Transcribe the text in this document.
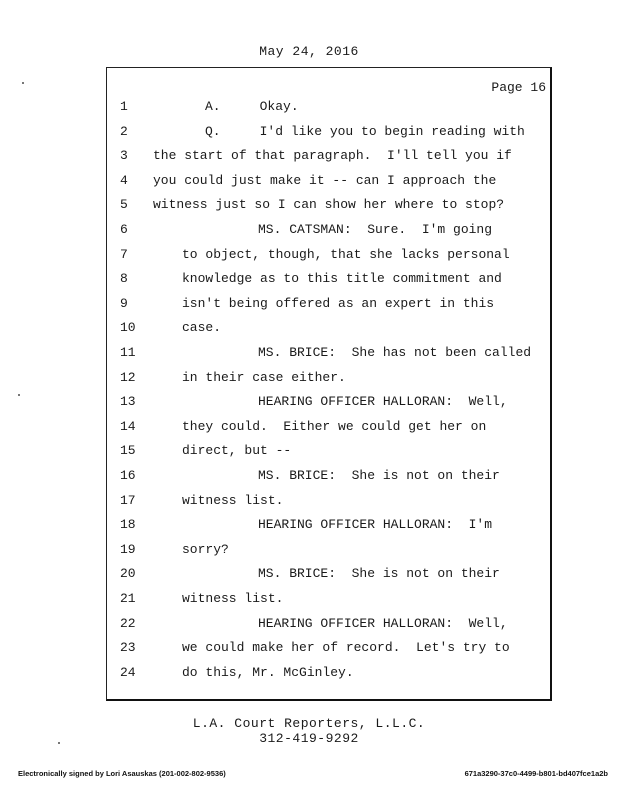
May 24, 2016
Page 16
1	A.     Okay.
2	Q.     I'd like you to begin reading with
3	the start of that paragraph.  I'll tell you if
4	you could just make it -- can I approach the
5	witness just so I can show her where to stop?
6	MS. CATSMAN:  Sure.  I'm going
7	to object, though, that she lacks personal
8	knowledge as to this title commitment and
9	isn't being offered as an expert in this
10	case.
11	MS. BRICE:  She has not been called
12	in their case either.
13	HEARING OFFICER HALLORAN:  Well,
14	they could.  Either we could get her on
15	direct, but --
16	MS. BRICE:  She is not on their
17	witness list.
18	HEARING OFFICER HALLORAN:  I'm
19	sorry?
20	MS. BRICE:  She is not on their
21	witness list.
22	HEARING OFFICER HALLORAN:  Well,
23	we could make her of record.  Let's try to
24	do this, Mr. McGinley.
L.A. Court Reporters, L.L.C.
312-419-9292
Electronically signed by Lori Asauskas (201-002-802-9536)	671a3290-37c0-4499-b801-bd407fce1a2b
